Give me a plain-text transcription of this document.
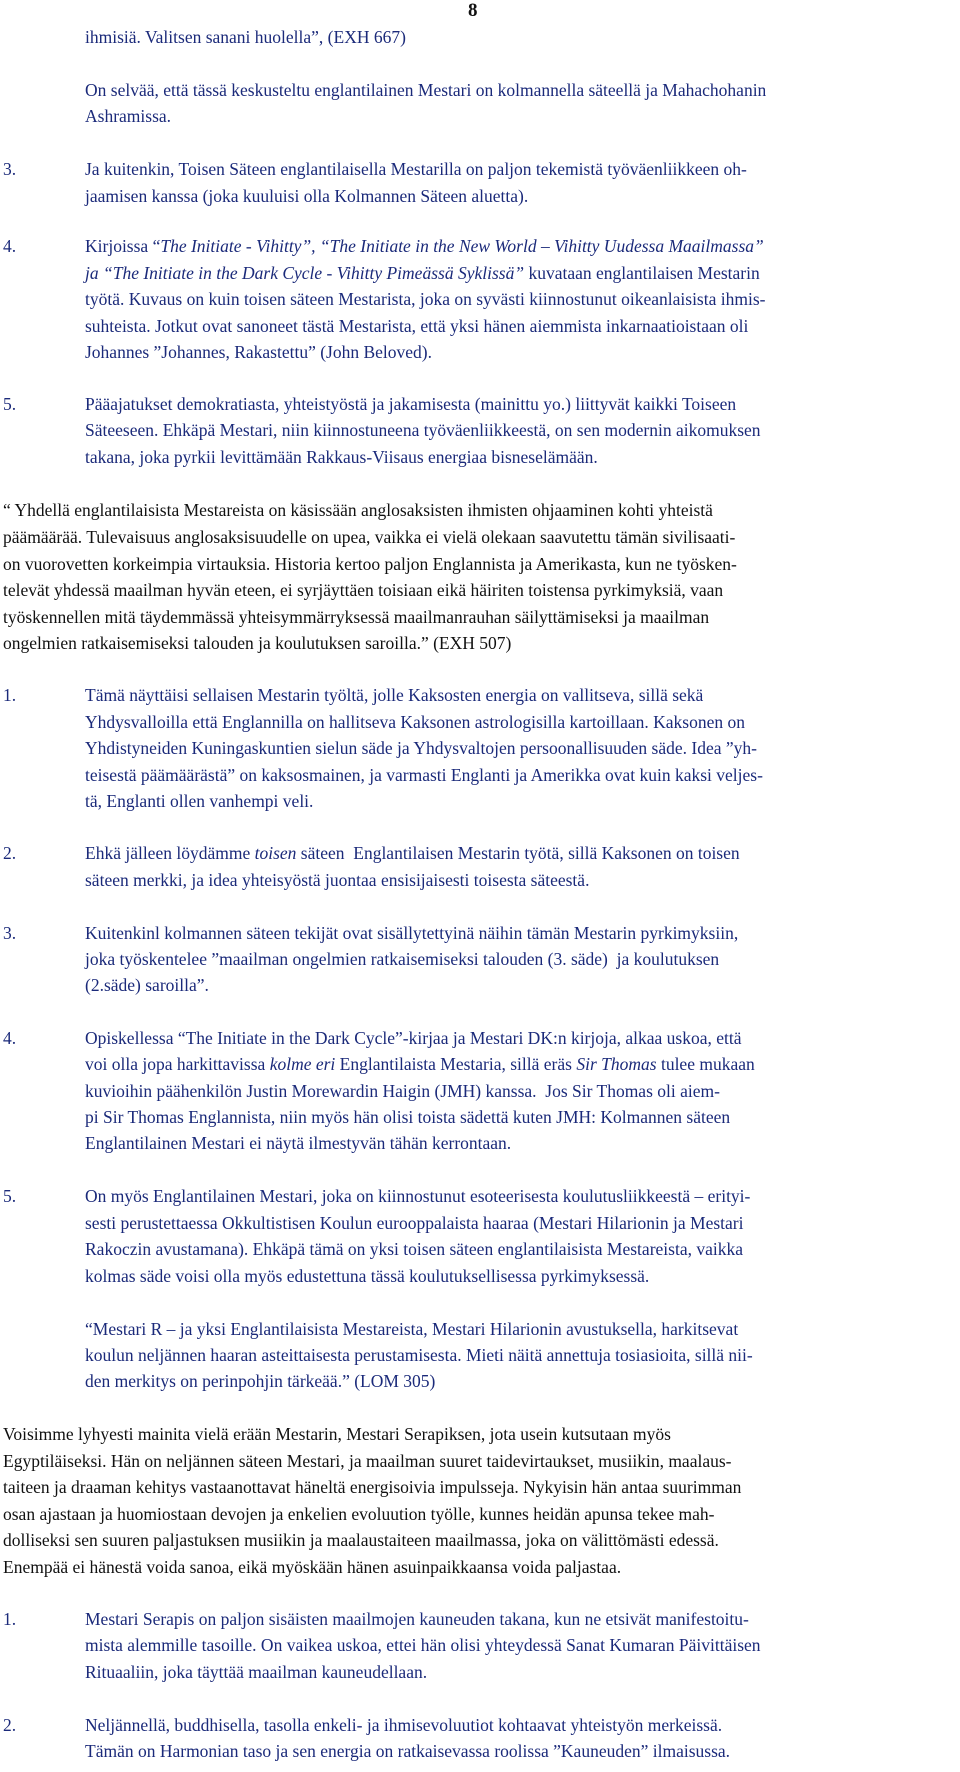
8
ihmisiä. Valitsen sanani huolella”, (EXH 667)
On selvää, että tässä keskusteltu englantilainen Mestari on kolmannella säteellä ja Mahachohanin
Ashramissa.
3.	Ja kuitenkin, Toisen Säteen englantilaisella Mestarilla on paljon tekemistä työväenliikkeen oh-
jaamisen kanssa (joka kuuluisi olla Kolmannen Säteen aluetta).
4.	Kirjoissa “The Initiate - Vihitty”, “The Initiate in the New World – Vihitty Uudessa Maailmassa”
ja “The Initiate in the Dark Cycle - Vihitty Pimeässä Syklissä” kuvataan englantilaisen Mestarin
työtä. Kuvaus on kuin toisen säteen Mestarista, joka on syvästi kiinnostunut oikeanlaisista ihmis-
suhteista. Jotkut ovat sanoneet tästä Mestarista, että yksi hänen aiemmista inkarnaatioistaan oli
Johannes ”Johannes, Rakastettu” (John Beloved).
5.	Pääajatukset demokratiasta, yhteistyöstä ja jakamisesta (mainittu yo.) liittyvät kaikki Toiseen
Säteeseen. Ehkäpä Mestari, niin kiinnostuneena työväenliikkeestä, on sen modernin aikomuksen
takana, joka pyrkii levittämään Rakkaus-Viisaus energiaa bisneselämään.
“ Yhdellä englantilaisista Mestareista on käsissään anglosaksisten ihmisten ohjaaminen kohti yhteistä
päämäärää. Tulevaisuus anglosaksisuudelle on upea, vaikka ei vielä olekaan saavutettu tämän sivilisaati-
on vuorovetten korkeimpia virtauksia. Historia kertoo paljon Englannista ja Amerikasta, kun ne työsken-
televät yhdessä maailman hyvän eteen, ei syrjäyttäen toisiaan eikä häiriten toistensa pyrkimyksiä, vaan
työskennellen mitä täydemmässä yhteisymmärryksessä maailmanrauhan säilyttämiseksi ja maailman
ongelmien ratkaisemiseksi talouden ja koulutuksen saroilla.” (EXH 507)
1.	Tämä näyttäisi sellaisen Mestarin työltä, jolle Kaksosten energia on vallitseva, sillä sekä
Yhdysvalloilla että Englannilla on hallitseva Kaksonen astrologisilla kartoillaan. Kaksonen on
Yhdistyneiden Kuningaskuntien sielun säde ja Yhdysvaltojen persoonallisuuden säde. Idea ”yh-
teisestä päämäärästä” on kaksosmainen, ja varmasti Englanti ja Amerikka ovat kuin kaksi veljes-
tä, Englanti ollen vanhempi veli.
2.	Ehkä jälleen löydämme toisen säteen  Englantilaisen Mestarin työtä, sillä Kaksonen on toisen
säteen merkki, ja idea yhteisyöstä juontaa ensisijaisesti toisesta säteestä.
3.	Kuitenkinl kolmannen säteen tekijät ovat sisällytettyinä näihin tämän Mestarin pyrkimyksiin,
joka työskentelee ”maailman ongelmien ratkaisemiseksi talouden (3. säde)  ja koulutuksen
(2.säde) saroilla”.
4.	Opiskellessa “The Initiate in the Dark Cycle”-kirjaa ja Mestari DK:n kirjoja, alkaa uskoa, että
voi olla jopa harkittavissa kolme eri Englantilaista Mestaria, sillä eräs Sir Thomas tulee mukaan
kuvioihin päähenkilön Justin Morewardin Haigin (JMH) kanssa.  Jos Sir Thomas oli aiem-
pi Sir Thomas Englannista, niin myös hän olisi toista sädettä kuten JMH: Kolmannen säteen
Englantilainen Mestari ei näytä ilmestyvän tähän kerrontaan.
5.	On myös Englantilainen Mestari, joka on kiinnostunut esoteerisesta koulutusliikkeestä – erityi-
sesti perustettaessa Okkultistisen Koulun eurooppalaista haaraa (Mestari Hilarionin ja Mestari
Rakoczin avustamana). Ehkäpä tämä on yksi toisen säteen englantilaisista Mestareista, vaikka
kolmas säde voisi olla myös edustettuna tässä koulutuksellisessa pyrkimyksessä.
“Mestari R – ja yksi Englantilaisista Mestareista, Mestari Hilarionin avustuksella, harkitsevat
koulun neljännen haaran asteittaisesta perustamisesta. Mieti näitä annettuja tosiasioita, sillä nii-
den merkitys on perinpohjin tärkeää.” (LOM 305)
Voisimme lyhyesti mainita vielä erään Mestarin, Mestari Serapiksen, jota usein kutsutaan myös
Egyptiläiseksi. Hän on neljännen säteen Mestari, ja maailman suuret taidevirtaukset, musiikin, maalaus-
taiteen ja draaman kehitys vastaanottavat häneltä energisoivia impulsseja. Nykyisin hän antaa suurimman
osan ajastaan ja huomiostaan devojen ja enkelien evoluution työlle, kunnes heidän apunsa tekee mah-
dolliseksi sen suuren paljastuksen musiikin ja maalaustaiteen maailmassa, joka on välittömästi edessä.
Enempää ei hänestä voida sanoa, eikä myöskään hänen asuinpaikkaansa voida paljastaa.
1.	Mestari Serapis on paljon sisäisten maailmojen kauneuden takana, kun ne etsivät manifestoitu-
mista alemmille tasoille. On vaikea uskoa, ettei hän olisi yhteydessä Sanat Kumaran Päivittäisen
Rituaaliin, joka täyttää maailman kauneudellaan.
2.	Neljännellä, buddhisella, tasolla enkeli- ja ihmisevoluutiot kohtaavat yhteistyön merkeissä.
Tämän on Harmonian taso ja sen energia on ratkaisevassa roolissa ”Kauneuden” ilmaisussa.
